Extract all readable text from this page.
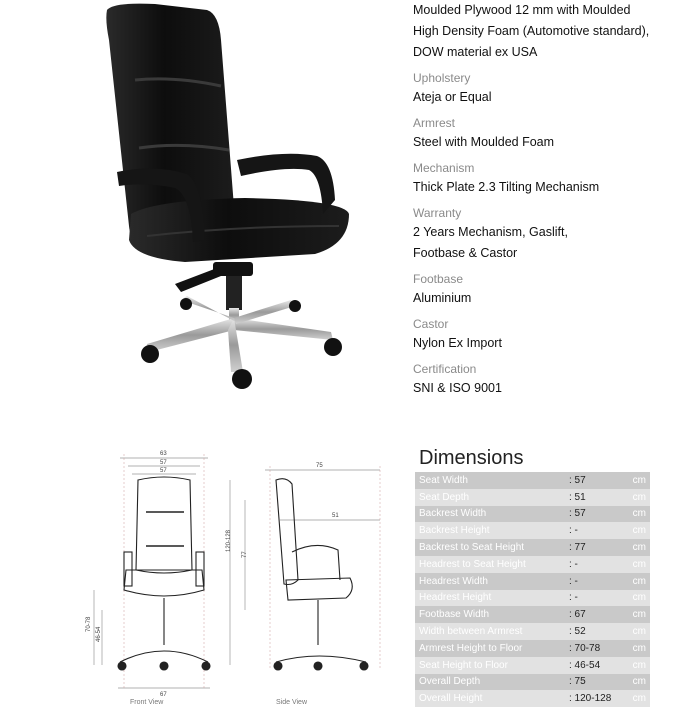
Moulded Plywood 12 mm with Moulded
High Density Foam (Automotive standard),
DOW material ex USA
Upholstery
Ateja or Equal
Armrest
Steel with Moulded Foam
Mechanism
Thick Plate 2.3 Tilting Mechanism
Warranty
2 Years Mechanism, Gaslift,
Footbase & Castor
Footbase
Aluminium
Castor
Nylon Ex Import
Certification
SNI & ISO 9001
63
57
57
67
70-78
46-54
75
120-128
77
51
Front View	Side View
Dimensions
Seat Width	: 57	cm
Seat Depth	: 51	cm
Backrest Width	: 57	cm
Backrest Height	: -	cm
Backrest to Seat Height	: 77	cm
Headrest to Seat Height	: -	cm
Headrest Width	: -	cm
Headrest Height	: -	cm
Footbase Width	: 67	cm
Width between Armrest	: 52	cm
Armrest Height to Floor	: 70-78	cm
Seat Height to Floor	: 46-54	cm
Overall Depth	: 75	cm
Overall Height	: 120-128	cm
